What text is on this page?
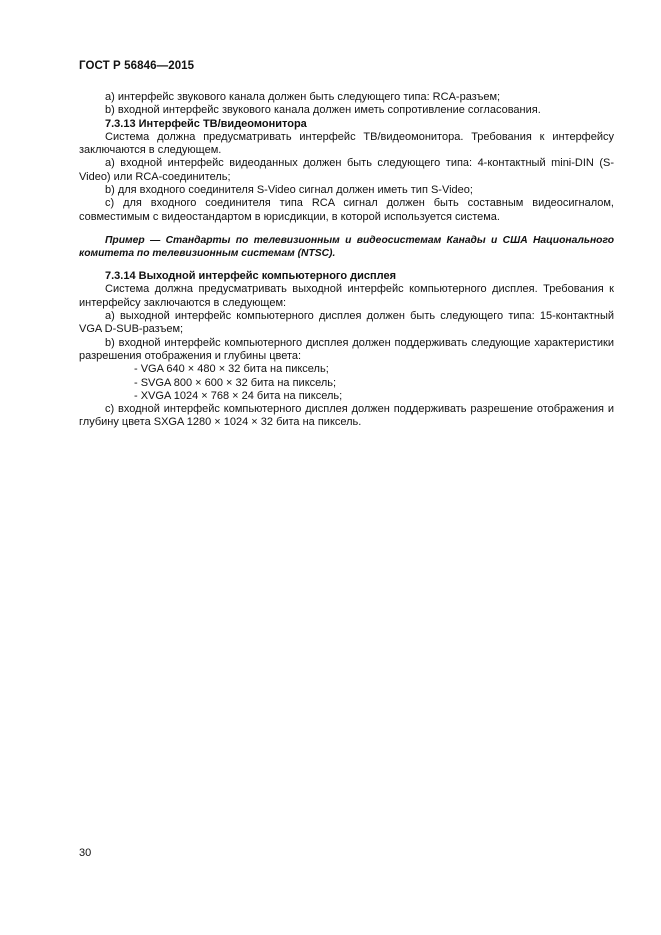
ГОСТ Р 56846—2015

a) интерфейс звукового канала должен быть следующего типа: RCA-разъем;

b) входной интерфейс звукового канала должен иметь сопротивление согласования.

7.3.13 Интерфейс ТВ/видеомонитора

Система должна предусматривать интерфейс ТВ/видеомонитора. Требования к интерфейсу заключаются в следующем.

a) входной интерфейс видеоданных должен быть следующего типа: 4-контактный mini-DIN (S-Video) или RCA-соединитель;

b) для входного соединителя S-Video сигнал должен иметь тип S-Video;

c) для входного соединителя типа RCA сигнал должен быть составным видеосигналом, совместимым с видеостандартом в юрисдикции, в которой используется система.

Пример — Стандарты по телевизионным и видеосистемам Канады и США Национального комитета по телевизионным системам (NTSC).

7.3.14 Выходной интерфейс компьютерного дисплея

Система должна предусматривать выходной интерфейс компьютерного дисплея. Требования к интерфейсу заключаются в следующем:

a) выходной интерфейс компьютерного дисплея должен быть следующего типа: 15-контактный VGA D-SUB-разъем;

b) входной интерфейс компьютерного дисплея должен поддерживать следующие характеристики разрешения отображения и глубины цвета:

- VGA 640 × 480 × 32 бита на пиксель;

- SVGA 800 × 600 × 32 бита на пиксель;

- XVGA 1024 × 768 × 24 бита на пиксель;

c) входной интерфейс компьютерного дисплея должен поддерживать разрешение отображения и глубину цвета SXGA 1280 × 1024 × 32 бита на пиксель.

30
